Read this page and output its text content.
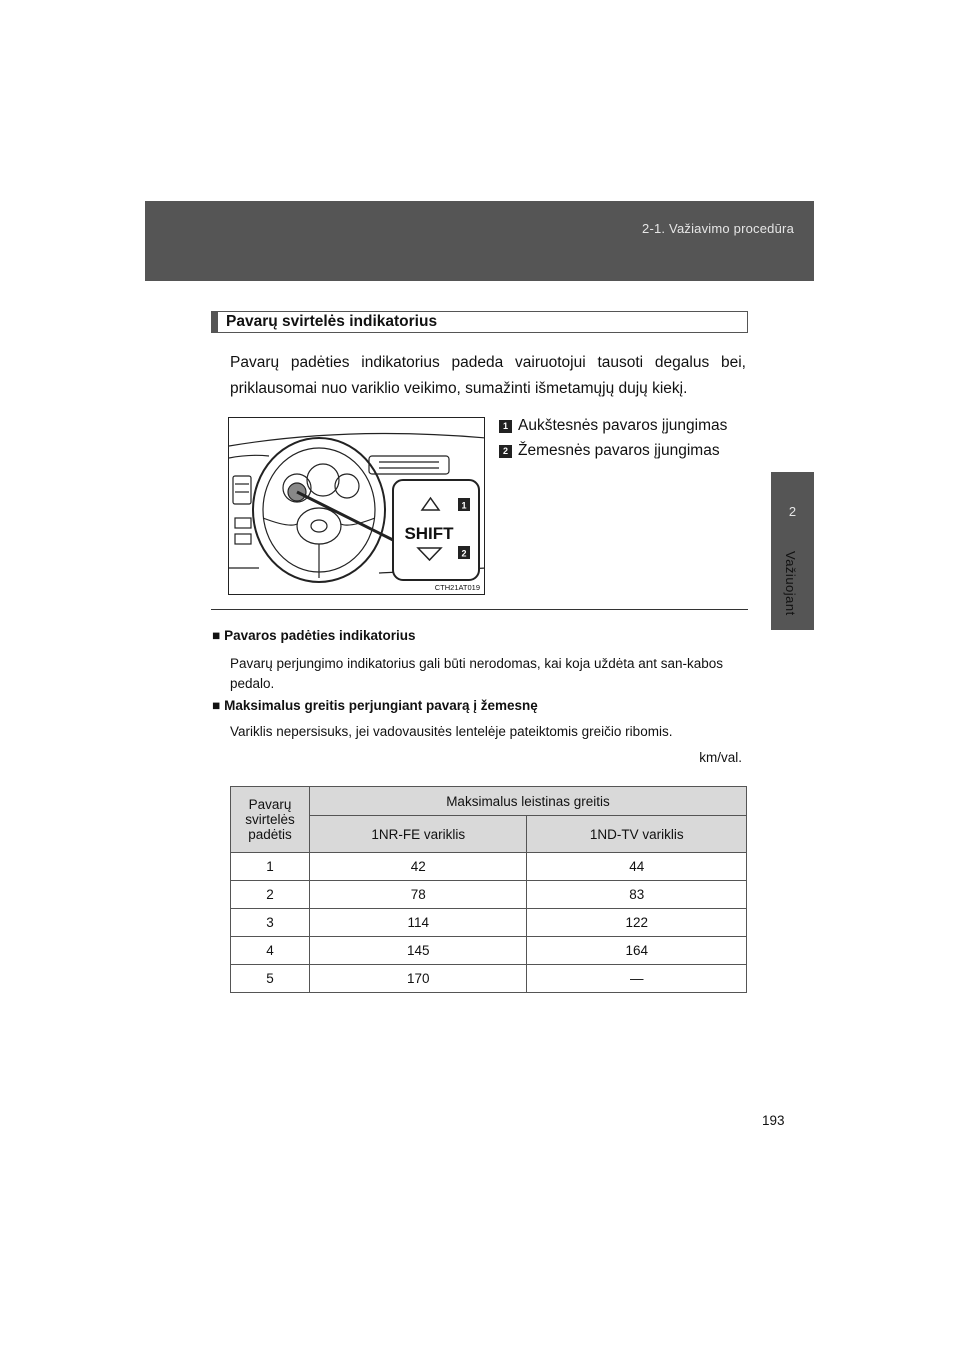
2-1. Važiavimo procedūra
2
Važiuojant
Pavarų svirtelės indikatorius
Pavarų padėties indikatorius padeda vairuotojui tausoti degalus bei, priklausomai nuo variklio veikimo, sumažinti išmetamųjų dujų kiekį.
1
2
SHIFT
CTH21AT019
1 Aukštesnės pavaros įjungimas
2 Žemesnės pavaros įjungimas
■ Pavaros padėties indikatorius
Pavarų perjungimo indikatorius gali būti nerodomas, kai koja uždėta ant san-kabos pedalo.
■ Maksimalus greitis perjungiant pavarą į žemesnę
Variklis nepersisuks, jei vadovausitės lentelėje pateiktomis greičio ribomis.
km/val.
Pavarų svirtelės padėtis	Maksimalus leistinas greitis	
	1NR-FE variklis	1ND-TV variklis
1	42	44
2	78	83
3	114	122
4	145	164
5	170	—
193
